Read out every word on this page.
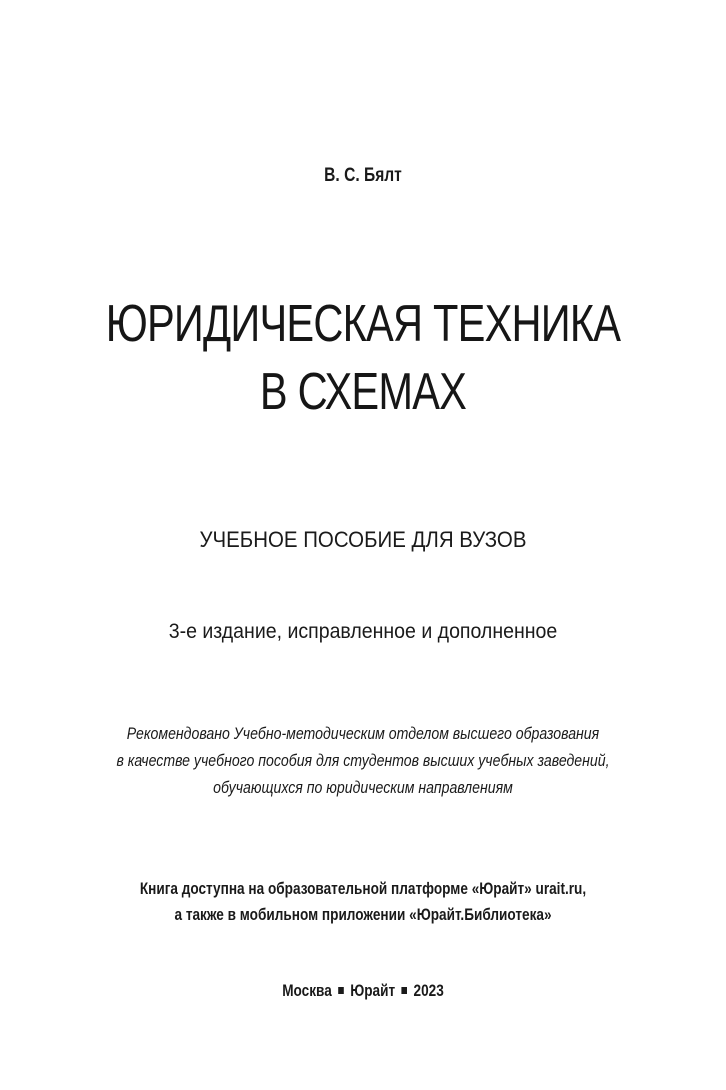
В. С. Бялт
ЮРИДИЧЕСКАЯ ТЕХНИКА
В СХЕМАХ
УЧЕБНОЕ ПОСОБИЕ ДЛЯ ВУЗОВ
3-е издание, исправленное и дополненное
Рекомендовано Учебно-методическим отделом высшего образования
в качестве учебного пособия для студентов высших учебных заведений,
обучающихся по юридическим направлениям
Книга доступна на образовательной платформе «Юрайт» urait.ru,
а также в мобильном приложении «Юрайт.Библиотека»
Москва Юрайт 2023
